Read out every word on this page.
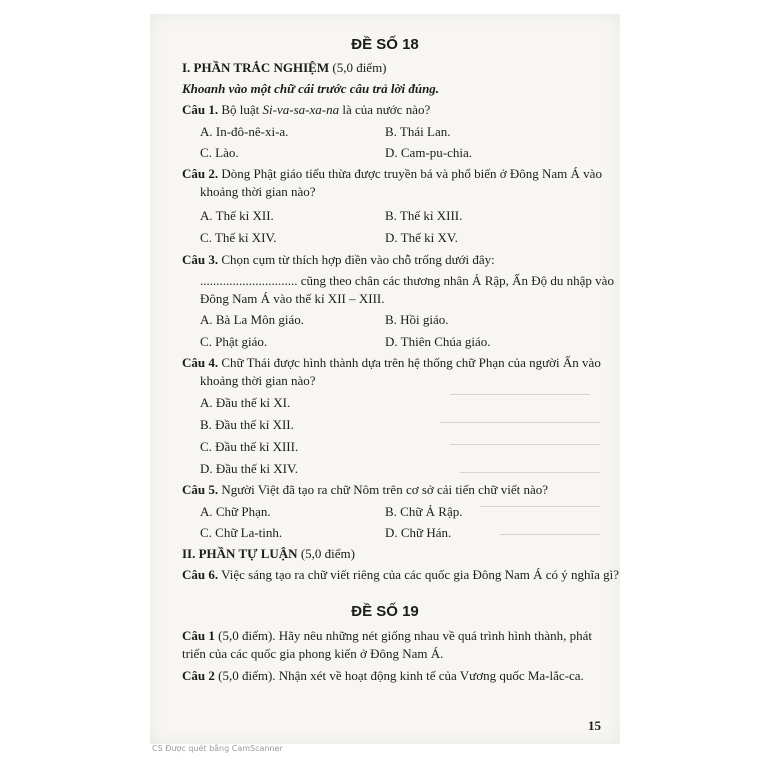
ĐỀ SỐ 18
I. PHẦN TRẮC NGHIỆM (5,0 điểm)
Khoanh vào một chữ cái trước câu trả lời đúng.
Câu 1. Bộ luật Si-va-sa-xa-na là của nước nào?
A. In-đô-nê-xi-a.	B. Thái Lan.
C. Lào.	D. Cam-pu-chia.
Câu 2. Dòng Phật giáo tiểu thừa được truyền bá và phổ biến ở Đông Nam Á vào
khoảng thời gian nào?
A. Thế kỉ XII.	B. Thế kỉ XIII.
C. Thế kỉ XIV.	D. Thế kỉ XV.
Câu 3. Chọn cụm từ thích hợp điền vào chỗ trống dưới đây:
.............................. cũng theo chân các thương nhân Ả Rập, Ấn Độ du nhập vào
Đông Nam Á vào thế kỉ XII – XIII.
A. Bà La Môn giáo.	B. Hồi giáo.
C. Phật giáo.	D. Thiên Chúa giáo.
Câu 4. Chữ Thái được hình thành dựa trên hệ thống chữ Phạn của người Ấn vào
khoảng thời gian nào?
A. Đầu thế kỉ XI.
B. Đầu thế kỉ XII.
C. Đầu thế kỉ XIII.
D. Đầu thế kỉ XIV.
Câu 5. Người Việt đã tạo ra chữ Nôm trên cơ sở cải tiến chữ viết nào?
A. Chữ Phạn.	B. Chữ Ả Rập.
C. Chữ La-tinh.	D. Chữ Hán.
II. PHẦN TỰ LUẬN (5,0 điểm)
Câu 6. Việc sáng tạo ra chữ viết riêng của các quốc gia Đông Nam Á có ý nghĩa gì?
ĐỀ SỐ 19
Câu 1 (5,0 điểm). Hãy nêu những nét giống nhau về quá trình hình thành, phát
triển của các quốc gia phong kiến ở Đông Nam Á.
Câu 2 (5,0 điểm). Nhận xét về hoạt động kinh tế của Vương quốc Ma-lắc-ca.
15
CS Được quét bằng CamScanner
